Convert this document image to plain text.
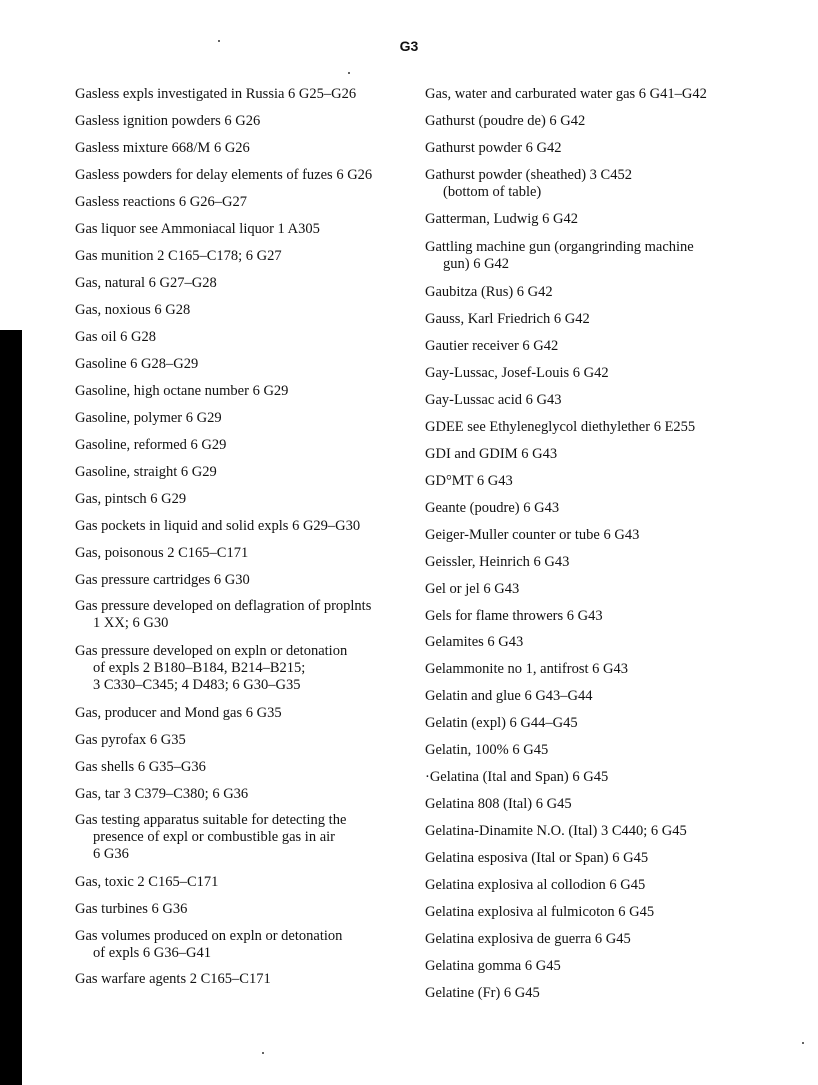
G3
Gasless expls investigated in Russia 6 G25–G26
Gasless ignition powders 6 G26
Gasless mixture 668/M 6 G26
Gasless powders for delay elements of fuzes 6 G26
Gasless reactions 6 G26–G27
Gas liquor see Ammoniacal liquor 1 A305
Gas munition 2 C165–C178; 6 G27
Gas, natural 6 G27–G28
Gas, noxious 6 G28
Gas oil 6 G28
Gasoline 6 G28–G29
Gasoline, high octane number 6 G29
Gasoline, polymer 6 G29
Gasoline, reformed 6 G29
Gasoline, straight 6 G29
Gas, pintsch 6 G29
Gas pockets in liquid and solid expls 6 G29–G30
Gas, poisonous 2 C165–C171
Gas pressure cartridges 6 G30
Gas pressure developed on deflagration of proplnts
1 XX; 6 G30
Gas pressure developed on expln or detonation
of expls 2 B180–B184, B214–B215;
3 C330–C345; 4 D483; 6 G30–G35
Gas, producer and Mond gas 6 G35
Gas pyrofax 6 G35
Gas shells 6 G35–G36
Gas, tar 3 C379–C380; 6 G36
Gas testing apparatus suitable for detecting the
presence of expl or combustible gas in air
6 G36
Gas, toxic 2 C165–C171
Gas turbines 6 G36
Gas volumes produced on expln or detonation
of expls 6 G36–G41
Gas warfare agents 2 C165–C171
Gas, water and carburated water gas 6 G41–G42
Gathurst (poudre de) 6 G42
Gathurst powder 6 G42
Gathurst powder (sheathed) 3 C452
(bottom of table)
Gatterman, Ludwig 6 G42
Gattling machine gun (organgrinding machine
gun) 6 G42
Gaubitza (Rus) 6 G42
Gauss, Karl Friedrich 6 G42
Gautier receiver 6 G42
Gay-Lussac, Josef-Louis 6 G42
Gay-Lussac acid 6 G43
GDEE see Ethyleneglycol diethylether 6 E255
GDI and GDIM 6 G43
GD°MT 6 G43
Geante (poudre) 6 G43
Geiger-Muller counter or tube 6 G43
Geissler, Heinrich 6 G43
Gel or jel 6 G43
Gels for flame throwers 6 G43
Gelamites 6 G43
Gelammonite no 1, antifrost 6 G43
Gelatin and glue 6 G43–G44
Gelatin (expl) 6 G44–G45
Gelatin, 100% 6 G45
·Gelatina (Ital and Span) 6 G45
Gelatina 808 (Ital) 6 G45
Gelatina-Dinamite N.O. (Ital) 3 C440; 6 G45
Gelatina esposiva (Ital or Span) 6 G45
Gelatina explosiva al collodion 6 G45
Gelatina explosiva al fulmicoton 6 G45
Gelatina explosiva de guerra 6 G45
Gelatina gomma 6 G45
Gelatine (Fr) 6 G45
